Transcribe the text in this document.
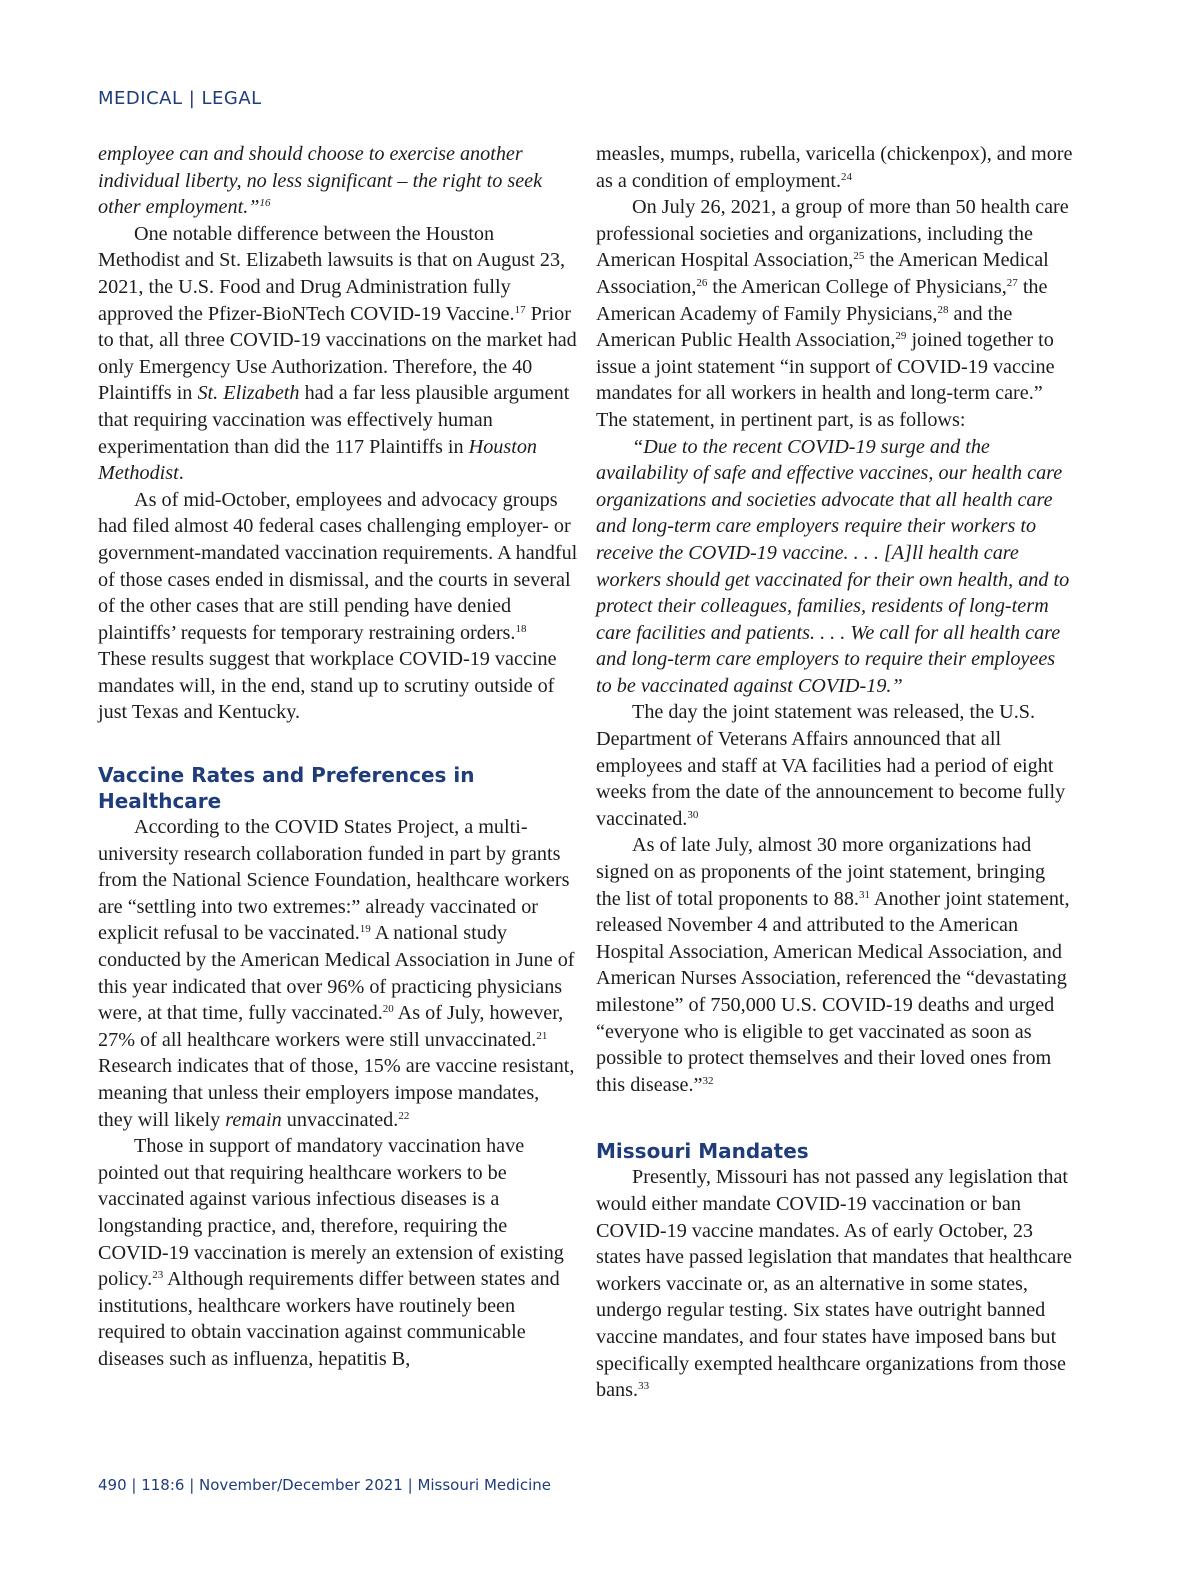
MEDICAL | LEGAL

employee can and should choose to exercise another individual liberty, no less significant – the right to seek other employment.”$^{16}$

One notable difference between the Houston Methodist and St. Elizabeth lawsuits is that on August 23, 2021, the U.S. Food and Drug Administration fully approved the Pfizer-BioNTech COVID-19 Vaccine.$^{17}$ Prior to that, all three COVID-19 vaccinations on the market had only Emergency Use Authorization. Therefore, the 40 Plaintiffs in St. Elizabeth had a far less plausible argument that requiring vaccination was effectively human experimentation than did the 117 Plaintiffs in Houston Methodist.

As of mid-October, employees and advocacy groups had filed almost 40 federal cases challenging employer- or government-mandated vaccination requirements. A handful of those cases ended in dismissal, and the courts in several of the other cases that are still pending have denied plaintiffs’ requests for temporary restraining orders.$^{18}$ These results suggest that workplace COVID-19 vaccine mandates will, in the end, stand up to scrutiny outside of just Texas and Kentucky.

Vaccine Rates and Preferences in Healthcare

According to the COVID States Project, a multi-university research collaboration funded in part by grants from the National Science Foundation, healthcare workers are “settling into two extremes:” already vaccinated or explicit refusal to be vaccinated.$^{19}$ A national study conducted by the American Medical Association in June of this year indicated that over 96% of practicing physicians were, at that time, fully vaccinated.$^{20}$ As of July, however, 27% of all healthcare workers were still unvaccinated.$^{21}$ Research indicates that of those, 15% are vaccine resistant, meaning that unless their employers impose mandates, they will likely remain unvaccinated.$^{22}$

Those in support of mandatory vaccination have pointed out that requiring healthcare workers to be vaccinated against various infectious diseases is a longstanding practice, and, therefore, requiring the COVID-19 vaccination is merely an extension of existing policy.$^{23}$ Although requirements differ between states and institutions, healthcare workers have routinely been required to obtain vaccination against communicable diseases such as influenza, hepatitis B,

measles, mumps, rubella, varicella (chickenpox), and more as a condition of employment.$^{24}$

On July 26, 2021, a group of more than 50 health care professional societies and organizations, including the American Hospital Association,$^{25}$ the American Medical Association,$^{26}$ the American College of Physicians,$^{27}$ the American Academy of Family Physicians,$^{28}$ and the American Public Health Association,$^{29}$ joined together to issue a joint statement “in support of COVID-19 vaccine mandates for all workers in health and long-term care.” The statement, in pertinent part, is as follows:

“Due to the recent COVID-19 surge and the availability of safe and effective vaccines, our health care organizations and societies advocate that all health care and long-term care employers require their workers to receive the COVID-19 vaccine. . . . [A]ll health care workers should get vaccinated for their own health, and to protect their colleagues, families, residents of long-term care facilities and patients. . . . We call for all health care and long-term care employers to require their employees to be vaccinated against COVID-19.”

The day the joint statement was released, the U.S. Department of Veterans Affairs announced that all employees and staff at VA facilities had a period of eight weeks from the date of the announcement to become fully vaccinated.$^{30}$

As of late July, almost 30 more organizations had signed on as proponents of the joint statement, bringing the list of total proponents to 88.31 Another joint statement, released November 4 and attributed to the American Hospital Association, American Medical Association, and American Nurses Association, referenced the “devastating milestone” of 750,000 U.S. COVID-19 deaths and urged “everyone who is eligible to get vaccinated as soon as possible to protect themselves and their loved ones from this disease.”$^{32}$

Missouri Mandates

Presently, Missouri has not passed any legislation that would either mandate COVID-19 vaccination or ban COVID-19 vaccine mandates. As of early October, 23 states have passed legislation that mandates that healthcare workers vaccinate or, as an alternative in some states, undergo regular testing. Six states have outright banned vaccine mandates, and four states have imposed bans but specifically exempted healthcare organizations from those bans.$^{33}$

490 | 118:6 | November/December 2021 | Missouri Medicine
